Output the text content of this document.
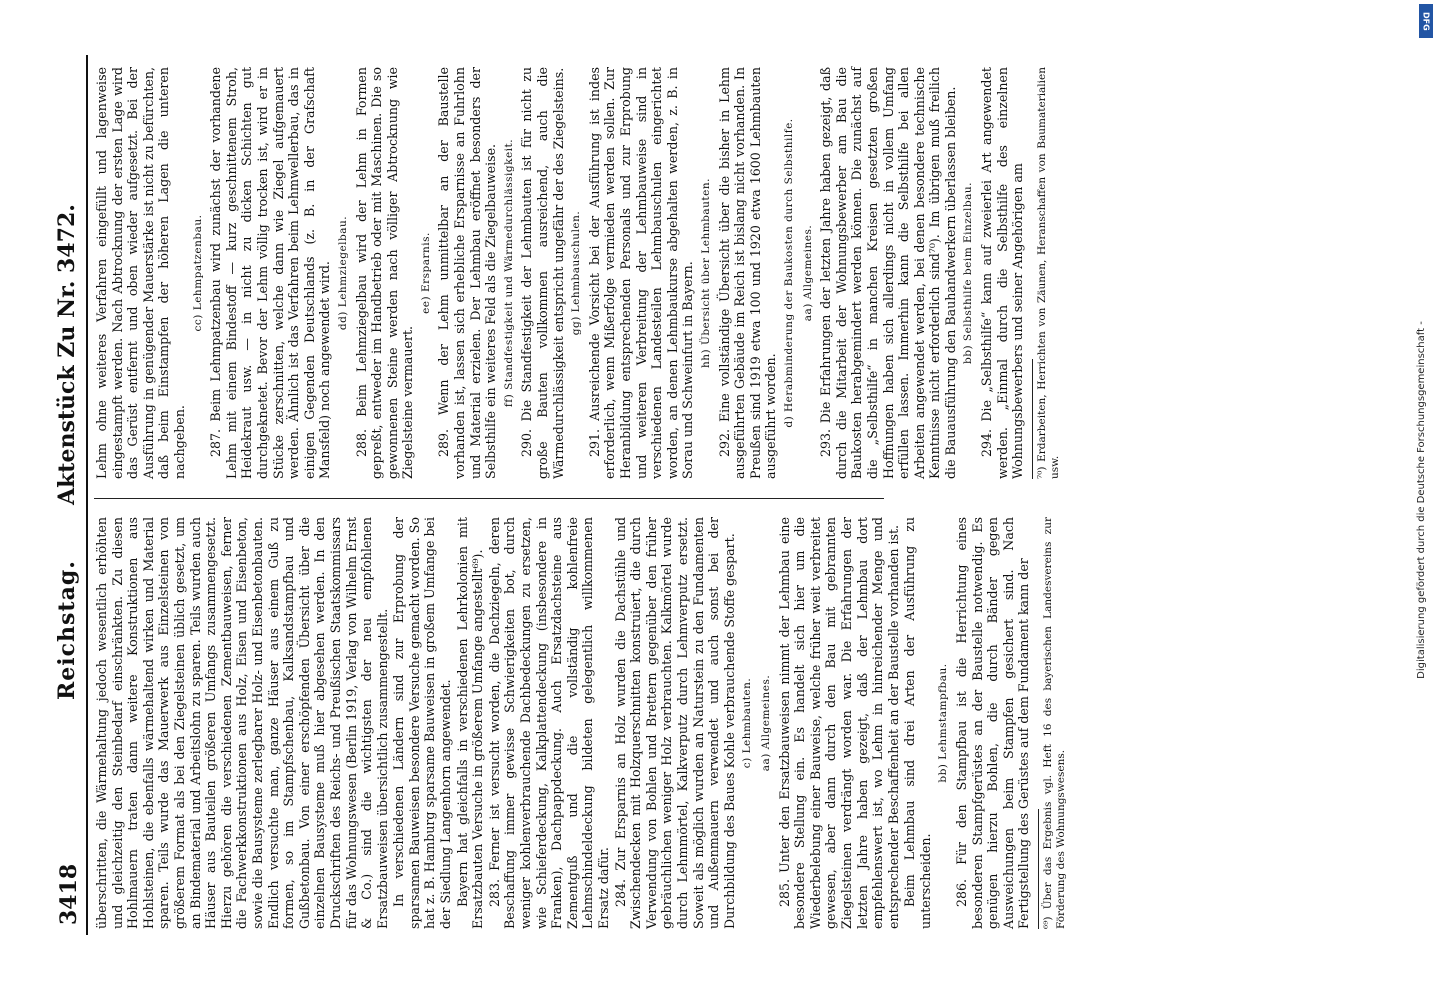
3418
Reichstag.
Aktenstück Zu Nr. 3472.
überschritten, die Wärmehaltung jedoch wesentlich erhöhten und gleichzeitig den Steinbedarf einschränkten. Zu diesen Hohlmauern traten dann weitere Konstruktionen aus Hohlsteinen, die ebenfalls wärmehaltend wirken und Material sparen. Teils wurde das Mauerwerk aus Einzelsteinen von größerem Format als bei den Ziegelsteinen üblich gesetzt, um an Bindematerial und Arbeitslohn zu sparen. Teils wurden auch Häuser aus Bauteilen größeren Umfangs zusammengesetzt. Hierzu gehören die verschiedenen Zementbauweisen, ferner die Fachwerkkonstruktionen aus Holz, Eisen und Eisenbeton, sowie die Bausysteme zerlegbarer Holz- und Eisenbetonbauten. Endlich versuchte man, ganze Häuser aus einem Guß zu formen, so im Stampfschenbau, Kalksandstampfbau und Gußbetonbau. Von einer erschöpfenden Übersicht über die einzelnen Bausysteme muß hier abgesehen werden. In den Druckschriften des Reichs- und Preußischen Staatskommissars für das Wohnungswesen (Berlin 1919, Verlag von Wilhelm Ernst & Co.) sind die wichtigsten der neu empfohlenen Ersatzbauweisen übersichtlich zusammengestellt. In verschiedenen Ländern sind zur Erprobung der sparsamen Bauweisen besondere Versuche gemacht worden. So hat z. B. Hamburg sparsame Bauweisen in großem Umfange bei der Siedlung Langenhorn angewendet. Bayern hat gleichfalls in verschiedenen Lehrkolonien mit Ersatzbauten Versuche in größerem Umfange angestellt⁶⁹). 283. Ferner ist versucht worden, die Dachziegeln, deren Beschaffung immer gewisse Schwierigkeiten bot, durch weniger kohlenverbrauchende Dachbedeckungen zu ersetzen, wie Schieferdeckung, Kalkplattendeckung (insbesondere in Franken), Dachpappdeckung. Auch Ersatzdachsteine aus Zementguß und die vollständig kohlenfreie Lehmschindeldeckung bildeten gelegentlich willkommenen Ersatz dafür. 284. Zur Ersparnis an Holz wurden die Dachstühle und Zwischendecken mit Holzquerschnitten konstruiert, die durch Verwendung von Bohlen und Brettern gegenüber den früher gebräuchlichen weniger Holz verbrauchten. Kalkmörtel wurde durch Lehmmörtel, Kalkverputz durch Lehmverputz ersetzt. Soweit als möglich wurden an Naturstein zu den Fundamenten und Außenmauern verwendet und auch sonst bei der Durchbildung des Baues Kohle verbrauchende Stoffe gespart. c) Lehmbauten. aa) Allgemeines. 285. Unter den Ersatzbauweisen nimmt der Lehmbau eine besondere Stellung ein. Es handelt sich hier um die Wiederbelebung einer Bauweise, welche früher weit verbreitet gewesen, aber dann durch den Bau mit gebrannten Ziegelsteinen verdrängt worden war. Die Erfahrungen der letzten Jahre haben gezeigt, daß der Lehmbau dort empfehlenswert ist, wo Lehm in hinreichender Menge und entsprechender Beschaffenheit an der Baustelle vorhanden ist. Beim Lehmbau sind drei Arten der Ausführung zu unterscheiden.
bb) Lehmstampfbau. 286. Für den Stampfbau ist die Herrichtung eines besonderen Stampfgerüstes an der Baustelle notwendig. Es genügen hierzu Bohlen, die durch Bänder gegen Ausweichungen beim Stampfen gesichert sind. Nach Fertigstellung des Gerüstes auf dem Fundament kann der ⁶⁹) Über das Ergebnis vgl. Heft 16 des bayerischen Landesvereins zur Förderung des Wohnungswesens.
Lehm ohne weiteres Verfahren eingefüllt und lagenweise eingestampft werden. Nach Abtrocknung der ersten Lage wird das Gerüst entfernt und oben wieder aufgesetzt. Bei der Ausführung in genügender Mauerstärke ist nicht zu befürchten, daß beim Einstampfen der höheren Lagen die unteren nachgeben.
cc) Lehmpatzenbau. 287. Beim Lehmpatzenbau wird zunächst der vorhandene Lehm mit einem Bindestoff — kurz geschnittenem Stroh, Heidekraut usw. — in nicht zu dicken Schichten gut durchgeknetet. Bevor der Lehm völlig trocken ist, wird er in Stücke zerschnitten, welche dann wie Ziegel aufgemauert werden. Ähnlich ist das Verfahren beim Lehmwellerbau, das in einigen Gegenden Deutschlands (z. B. in der Grafschaft Mansfeld) noch angewendet wird. dd) Lehmziegelbau. 288. Beim Lehmziegelbau wird der Lehm in Formen gepreßt, entweder im Handbetrieb oder mit Maschinen. Die so gewonnenen Steine werden nach völliger Abtrocknung wie Ziegelsteine vermauert.
ee) Ersparnis. 289. Wenn der Lehm unmittelbar an der Baustelle vorhanden ist, lassen sich erhebliche Ersparnisse an Fuhrlohn und Material erzielen. Der Lehmbau eröffnet besonders der Selbsthilfe ein weiteres Feld als die Ziegelbauweise. ff) Standfestigkeit und Wärmedurchlässigkeit. 290. Die Standfestigkeit der Lehmbauten ist für nicht zu große Bauten vollkommen ausreichend, auch die Wärmedurchlässigkeit entspricht ungefähr der des Ziegelsteins. gg) Lehmbauschulen. 291. Ausreichende Vorsicht bei der Ausführung ist indes erforderlich, wenn Mißerfolge vermieden werden sollen. Zur Heranbildung entsprechenden Personals und zur Erprobung und weiteren Verbreitung der Lehmbauweise sind in verschiedenen Landesteilen Lehmbauschulen eingerichtet worden, an denen Lehmbaukurse abgehalten werden, z. B. in Sorau und Schweinfurt in Bayern. hh) Übersicht über Lehmbauten. 292. Eine vollständige Übersicht über die bisher in Lehm ausgeführten Gebäude im Reich ist bislang nicht vorhanden. In Preußen sind 1919 etwa 100 und 1920 etwa 1600 Lehmbauten ausgeführt worden. d) Herabminderung der Baukosten durch Selbsthilfe. aa) Allgemeines. 293. Die Erfahrungen der letzten Jahre haben gezeigt, daß durch die Mitarbeit der Wohnungsbewerber am Bau die Baukosten herabgemindert werden können. Die zunächst auf die „Selbsthilfe“ in manchen Kreisen gesetzten großen Hoffnungen haben sich allerdings nicht in vollem Umfang erfüllen lassen. Immerhin kann die Selbsthilfe bei allen Arbeiten angewendet werden, bei denen besondere technische Kenntnisse nicht erforderlich sind⁷⁰). Im übrigen muß freilich die Bauausführung den Bauhandwerkern überlassen bleiben. bb) Selbsthilfe beim Einzelbau. 294. Die „Selbsthilfe“ kann auf zweierlei Art angewendet werden. „Einmal durch die Selbsthilfe des einzelnen Wohnungsbewerbers und seiner Angehörigen am ⁷⁰) Erdarbeiten, Herrichten von Zäunen, Heranschaffen von Baumaterialien usw.	Digitalisierung gefördert durch die Deutsche Forschungsgemeinschaft -
DFG
